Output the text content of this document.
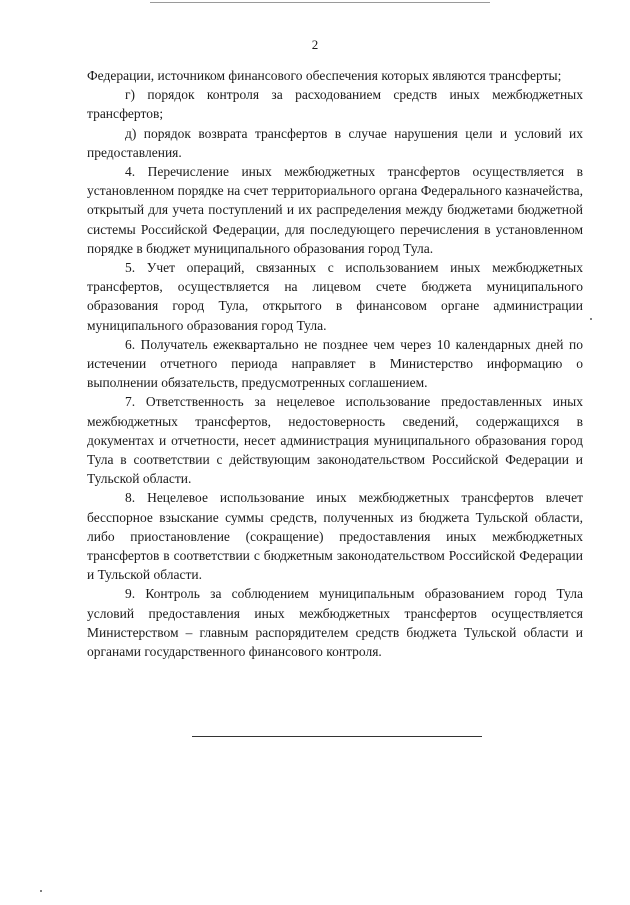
2

Федерации, источником финансового обеспечения которых являются трансферты;

г) порядок контроля за расходованием средств иных межбюджетных трансфертов;

д) порядок возврата трансфертов в случае нарушения цели и условий их предоставления.

4. Перечисление иных межбюджетных трансфертов осуществляется в установленном порядке на счет территориального органа Федерального казначейства, открытый для учета поступлений и их распределения между бюджетами бюджетной системы Российской Федерации, для последующего перечисления в установленном порядке в бюджет муниципального образования город Тула.

5. Учет операций, связанных с использованием иных межбюджетных трансфертов, осуществляется на лицевом счете бюджета муниципального образования город Тула, открытого в финансовом органе администрации муниципального образования город Тула.

6. Получатель ежеквартально не позднее чем через 10 календарных дней по истечении отчетного периода направляет в Министерство информацию о выполнении обязательств, предусмотренных соглашением.

7. Ответственность за нецелевое использование предоставленных иных межбюджетных трансфертов, недостоверность сведений, содержащихся в документах и отчетности, несет администрация муниципального образования город Тула в соответствии с действующим законодательством Российской Федерации и Тульской области.

8. Нецелевое использование иных межбюджетных трансфертов влечет бесспорное взыскание суммы средств, полученных из бюджета Тульской области, либо приостановление (сокращение) предоставления иных межбюджетных трансфертов в соответствии с бюджетным законодательством Российской Федерации и Тульской области.

9. Контроль за соблюдением муниципальным образованием город Тула условий предоставления иных межбюджетных трансфертов осуществляется Министерством – главным распорядителем средств бюджета Тульской области и органами государственного финансового контроля.
